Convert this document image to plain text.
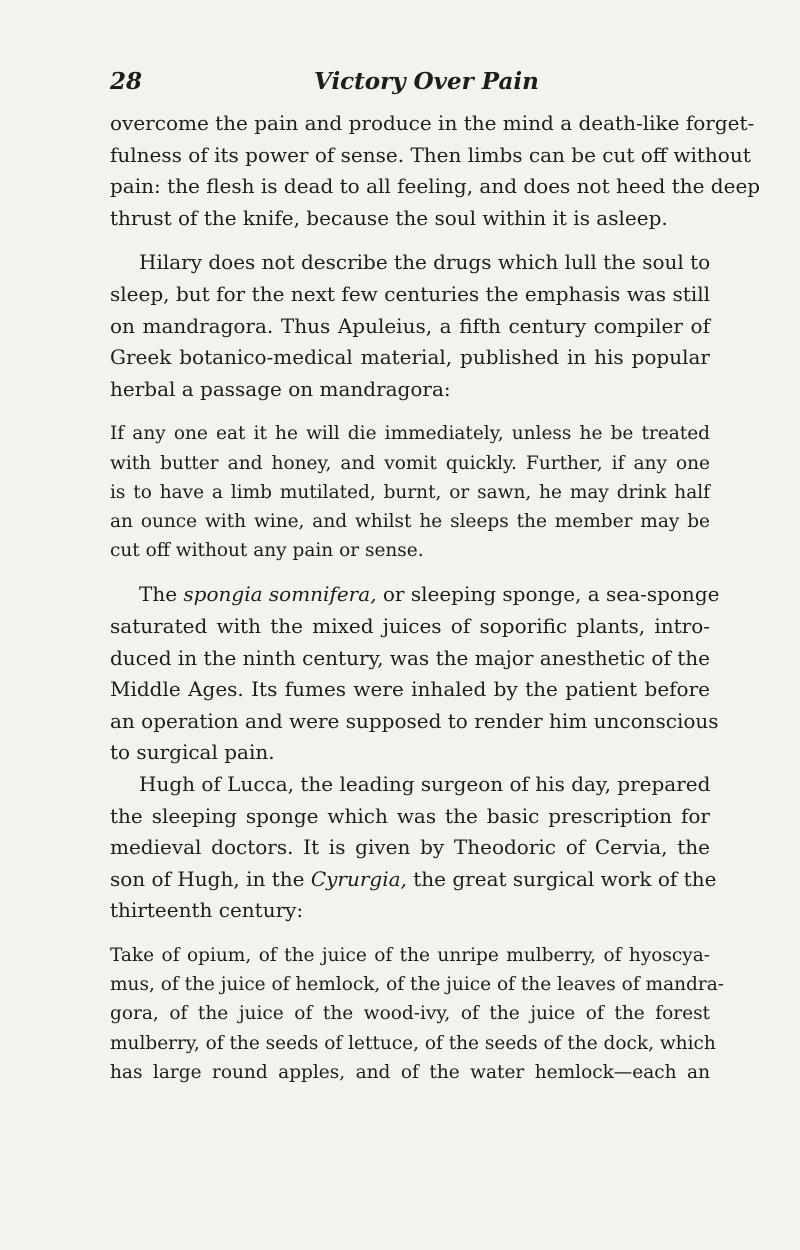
28	Victory Over Pain

overcome the pain and produce in the mind a death-like forget-
fulness of its power of sense. Then limbs can be cut off without
pain: the flesh is dead to all feeling, and does not heed the deep
thrust of the knife, because the soul within it is asleep.

Hilary does not describe the drugs which lull the soul to
sleep, but for the next few centuries the emphasis was still
on mandragora. Thus Apuleius, a fifth century compiler of
Greek botanico-medical material, published in his popular
herbal a passage on mandragora:

If any one eat it he will die immediately, unless he be treated
with butter and honey, and vomit quickly. Further, if any one
is to have a limb mutilated, burnt, or sawn, he may drink half
an ounce with wine, and whilst he sleeps the member may be
cut off without any pain or sense.

The spongia somnifera, or sleeping sponge, a sea-sponge
saturated with the mixed juices of soporific plants, intro-
duced in the ninth century, was the major anesthetic of the
Middle Ages. Its fumes were inhaled by the patient before
an operation and were supposed to render him unconscious
to surgical pain.

Hugh of Lucca, the leading surgeon of his day, prepared
the sleeping sponge which was the basic prescription for
medieval doctors. It is given by Theodoric of Cervia, the
son of Hugh, in the Cyrurgia, the great surgical work of the
thirteenth century:

Take of opium, of the juice of the unripe mulberry, of hyoscya-
mus, of the juice of hemlock, of the juice of the leaves of mandra-
gora, of the juice of the wood-ivy, of the juice of the forest
mulberry, of the seeds of lettuce, of the seeds of the dock, which
has large round apples, and of the water hemlock—each an
